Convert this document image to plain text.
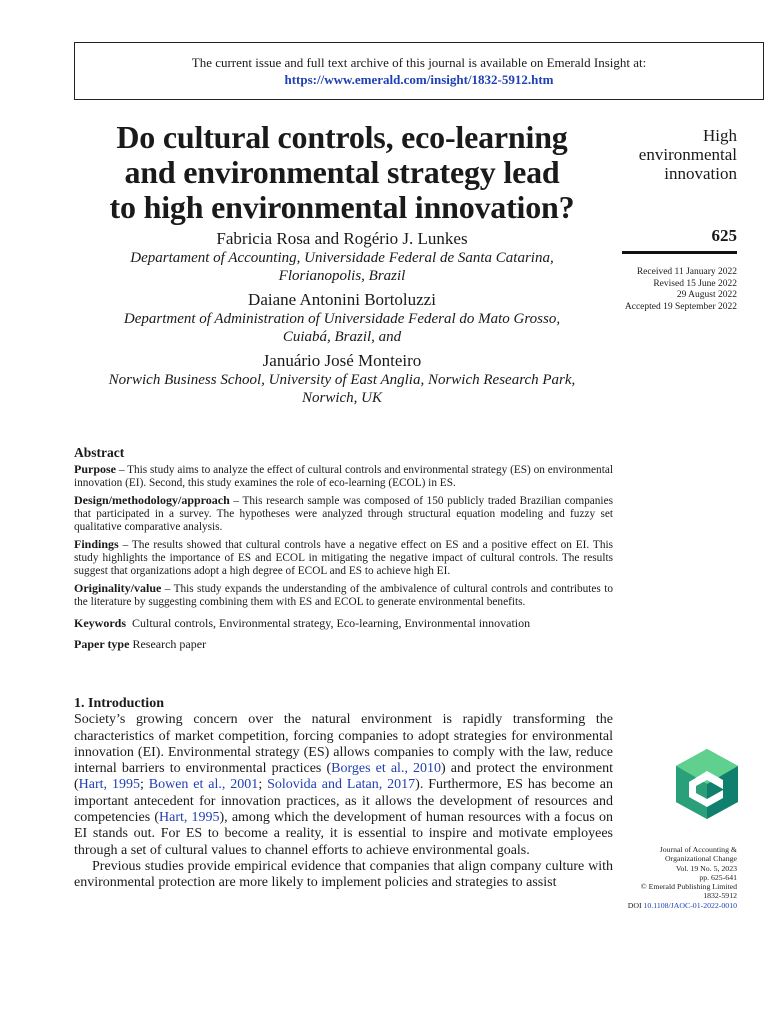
The current issue and full text archive of this journal is available on Emerald Insight at:
https://www.emerald.com/insight/1832-5912.htm
Do cultural controls, eco-learning
and environmental strategy lead
to high environmental innovation?
High
environmental
innovation
625
Received 11 January 2022
Revised 15 June 2022
29 August 2022
Accepted 19 September 2022

Fabricia Rosa and Rogério J. Lunkes

Departament of Accounting, Universidade Federal de Santa Catarina,

Florianopolis, Brazil

Daiane Antonini Bortoluzzi

Department of Administration of Universidade Federal do Mato Grosso,

Cuiabá, Brazil, and

Januário José Monteiro

Norwich Business School, University of East Anglia, Norwich Research Park,

Norwich, UK

Abstract

Purpose – This study aims to analyze the effect of cultural controls and environmental strategy (ES) on environmental innovation (EI). Second, this study examines the role of eco-learning (ECOL) in ES.

Design/methodology/approach – This research sample was composed of 150 publicly traded Brazilian companies that participated in a survey. The hypotheses were analyzed through structural equation modeling and fuzzy set qualitative comparative analysis.

Findings – The results showed that cultural controls have a negative effect on ES and a positive effect on EI. This study highlights the importance of ES and ECOL in mitigating the negative impact of cultural controls. The results suggest that organizations adopt a high degree of ECOL and ES to achieve high EI.

Originality/value – This study expands the understanding of the ambivalence of cultural controls and contributes to the literature by suggesting combining them with ES and ECOL to generate environmental benefits.

Keywords Cultural controls, Environmental strategy, Eco-learning, Environmental innovation

Paper type Research paper

1. Introduction

Society’s growing concern over the natural environment is rapidly transforming the characteristics of market competition, forcing companies to adopt strategies for environmental innovation (EI). Environmental strategy (ES) allows companies to comply with the law, reduce internal barriers to environmental practices (Borges et al., 2010) and protect the environment (Hart, 1995; Bowen et al., 2001; Solovida and Latan, 2017). Furthermore, ES has become an important antecedent for innovation practices, as it allows the development of resources and competencies (Hart, 1995), among which the development of human resources with a focus on EI stands out. For ES to become a reality, it is essential to inspire and motivate employees through a set of cultural values to channel efforts to achieve environmental goals.

Previous studies provide empirical evidence that companies that align company culture with environmental protection are more likely to implement policies and strategies to assist

Journal of Accounting &
Organizational Change
Vol. 19 No. 5, 2023
pp. 625-641
© Emerald Publishing Limited
1832-5912
DOI 10.1108/JAOC-01-2022-0010
